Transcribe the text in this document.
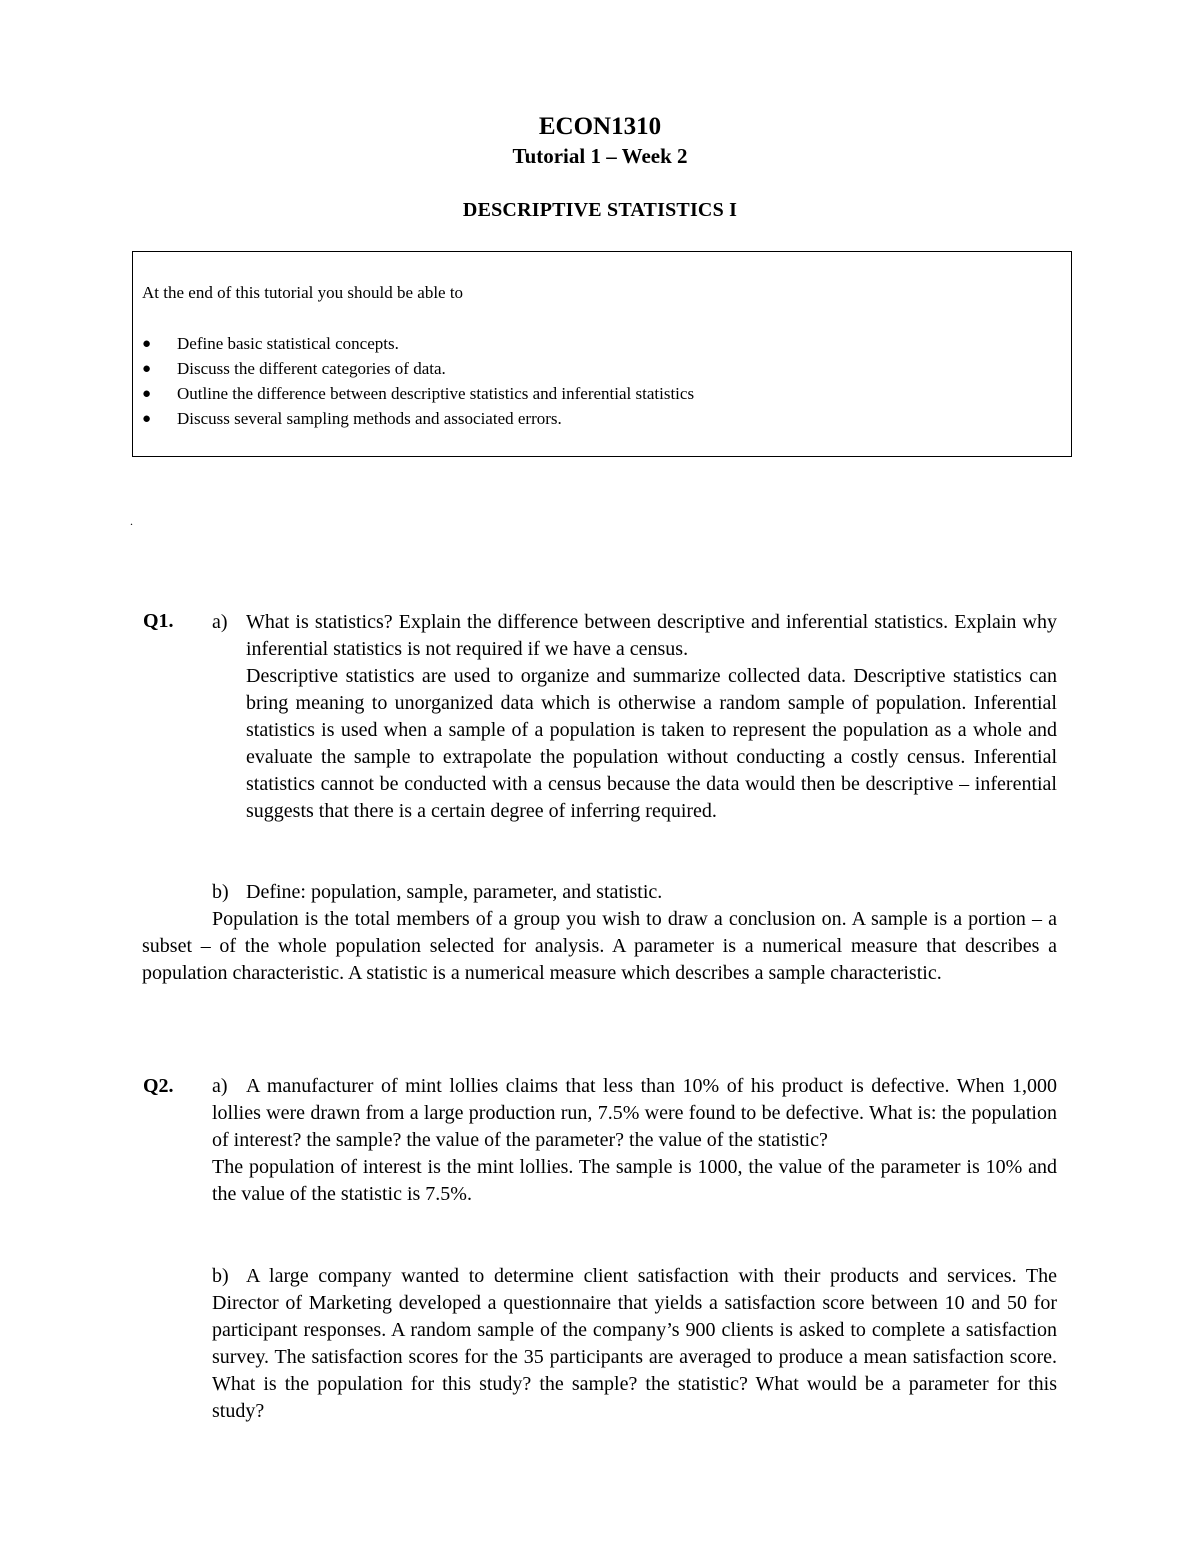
ECON1310
Tutorial 1 – Week 2
DESCRIPTIVE STATISTICS I
At the end of this tutorial you should be able to
● Define basic statistical concepts.
● Discuss the different categories of data.
● Outline the difference between descriptive statistics and inferential statistics
● Discuss several sampling methods and associated errors.
.
Q1. a) What is statistics? Explain the difference between descriptive and inferential statistics. Explain why inferential statistics is not required if we have a census.
Descriptive statistics are used to organize and summarize collected data. Descriptive statistics can bring meaning to unorganized data which is otherwise a random sample of population. Inferential statistics is used when a sample of a population is taken to represent the population as a whole and evaluate the sample to extrapolate the population without conducting a costly census. Inferential statistics cannot be conducted with a census because the data would then be descriptive – inferential suggests that there is a certain degree of inferring required.
b) Define: population, sample, parameter, and statistic.
Population is the total members of a group you wish to draw a conclusion on. A sample is a portion – a subset – of the whole population selected for analysis. A parameter is a numerical measure that describes a population characteristic. A statistic is a numerical measure which describes a sample characteristic.
Q2. a) A manufacturer of mint lollies claims that less than 10% of his product is defective. When 1,000 lollies were drawn from a large production run, 7.5% were found to be defective. What is: the population of interest? the sample? the value of the parameter? the value of the statistic?
The population of interest is the mint lollies. The sample is 1000, the value of the parameter is 10% and the value of the statistic is 7.5%.
b) A large company wanted to determine client satisfaction with their products and services. The Director of Marketing developed a questionnaire that yields a satisfaction score between 10 and 50 for participant responses. A random sample of the company’s 900 clients is asked to complete a satisfaction survey. The satisfaction scores for the 35 participants are averaged to produce a mean satisfaction score. What is the population for this study? the sample? the statistic? What would be a parameter for this study?
